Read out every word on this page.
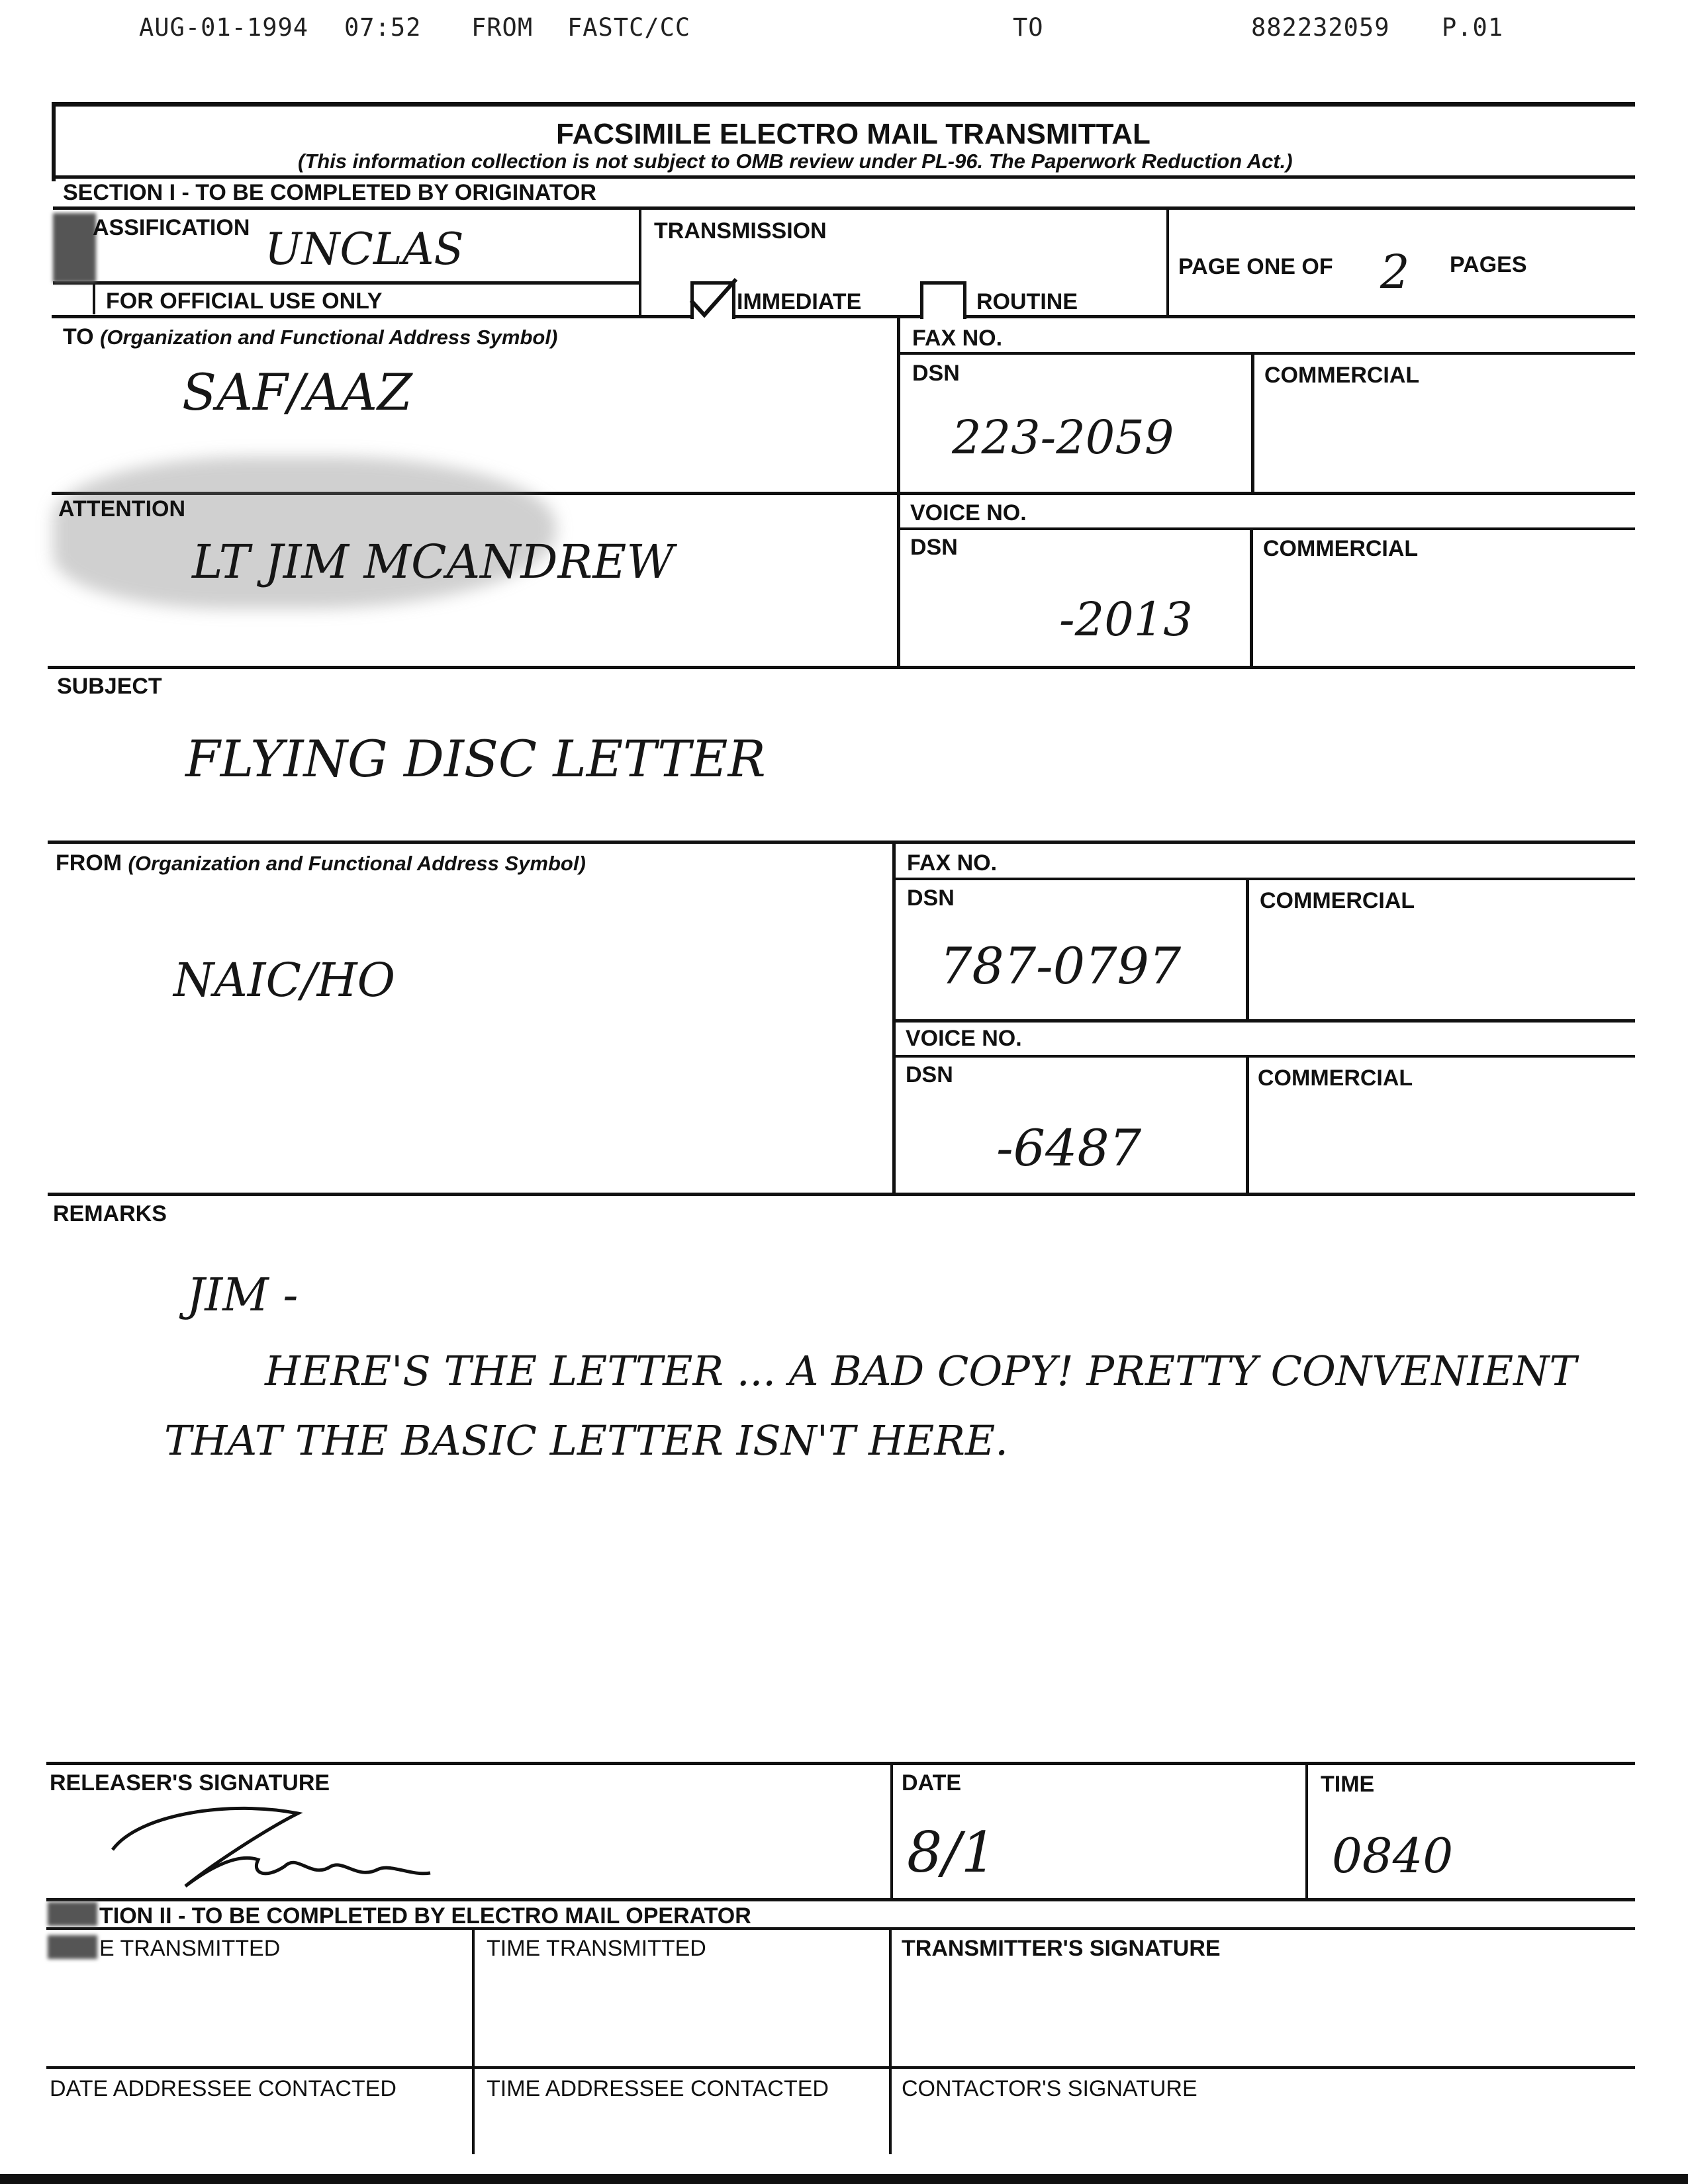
AUG-01-1994 07:52 FROM FASTC/CC	TO	882232059 P.01
FACSIMILE ELECTRO MAIL TRANSMITTAL
(This information collection is not subject to OMB review under PL-96. The Paperwork Reduction Act.)
SECTION I - TO BE COMPLETED BY ORIGINATOR
ASSIFICATION UNCLAS
FOR OFFICIAL USE ONLY
TRANSMISSION
IMMEDIATE	ROUTINE
PAGE ONE OF 2 PAGES
TO (Organization and Functional Address Symbol)
SAF/AAZ
FAX NO.
DSN
223-2059
COMMERCIAL
ATTENTION
LT JIM MCANDREW
VOICE NO.
DSN
-2013
COMMERCIAL
SUBJECT
FLYING DISC LETTER
FROM (Organization and Functional Address Symbol)
NAIC/HO
FAX NO.
DSN
787-0797
COMMERCIAL
VOICE NO.
DSN
-6487
COMMERCIAL
REMARKS
JIM -
HERE'S THE LETTER ... A BAD COPY! PRETTY CONVENIENT
THAT THE BASIC LETTER ISN'T HERE.
RELEASER'S SIGNATURE	DATE
8/1
TIME
0840
TION II - TO BE COMPLETED BY ELECTRO MAIL OPERATOR
E TRANSMITTED	TIME TRANSMITTED	TRANSMITTER'S SIGNATURE
DATE ADDRESSEE CONTACTED	TIME ADDRESSEE CONTACTED	CONTACTOR'S SIGNATURE
